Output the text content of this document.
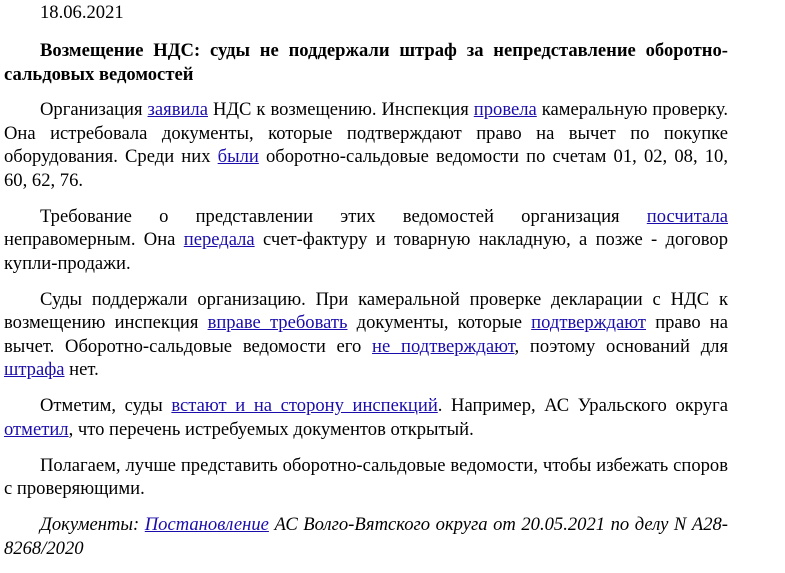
18.06.2021
Возмещение НДС: суды не поддержали штраф за непредставление оборотно-сальдовых ведомостей

Организация заявила НДС к возмещению. Инспекция провела камеральную проверку. Она истребовала документы, которые подтверждают право на вычет по покупке оборудования. Среди них были оборотно-сальдовые ведомости по счетам 01, 02, 08, 10, 60, 62, 76.

Требование о представлении этих ведомостей организация посчитала неправомерным. Она передала счет-фактуру и товарную накладную, а позже - договор купли-продажи.

Суды поддержали организацию. При камеральной проверке декларации с НДС к возмещению инспекция вправе требовать документы, которые подтверждают право на вычет. Оборотно-сальдовые ведомости его не подтверждают, поэтому оснований для штрафа нет.

Отметим, суды встают и на сторону инспекций. Например, АС Уральского округа отметил, что перечень истребуемых документов открытый.

Полагаем, лучше представить оборотно-сальдовые ведомости, чтобы избежать споров с проверяющими.

Документы: Постановление АС Волго-Вятского округа от 20.05.2021 по делу N А28-8268/2020
